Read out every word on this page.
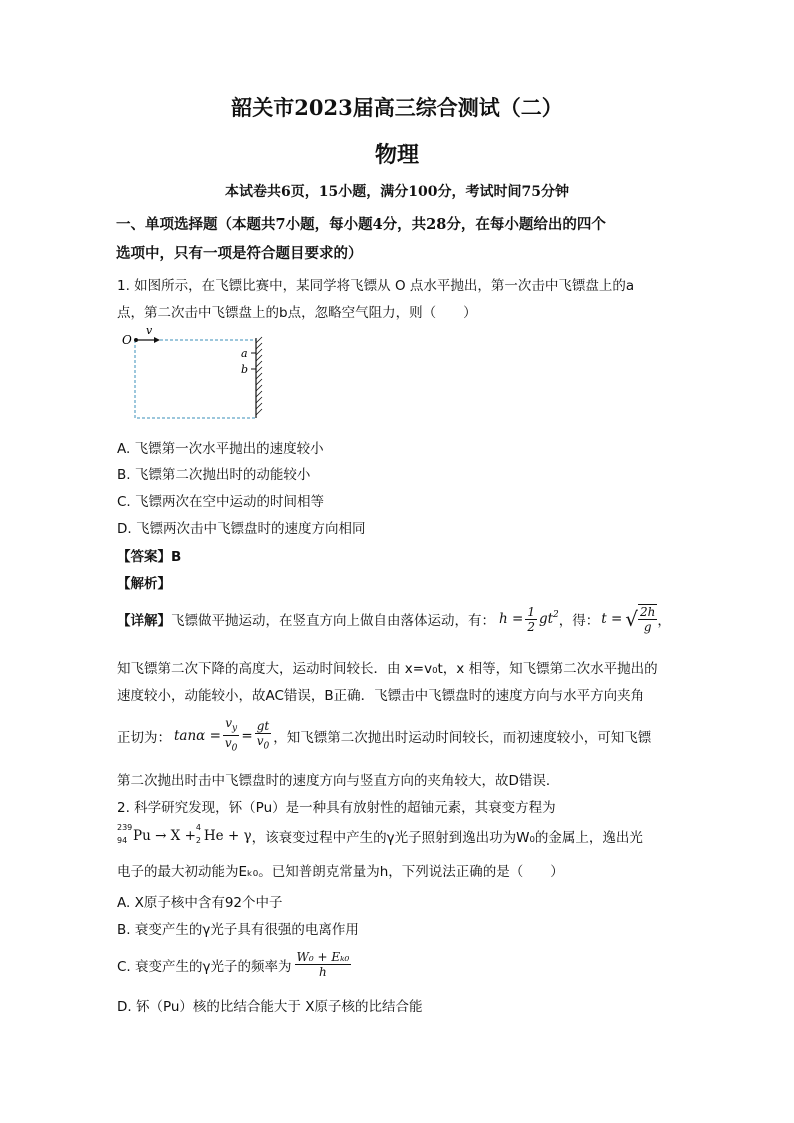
韶关市2023届高三综合测试（二）
物理
本试卷共6页，15小题，满分100分，考试时间75分钟
一、单项选择题（本题共7小题，每小题4分，共28分，在每小题给出的四个
选项中，只有一项是符合题目要求的）
1. 如图所示，在飞镖比赛中，某同学将飞镖从 O 点水平抛出，第一次击中飞镖盘上的a
点，第二次击中飞镖盘上的b点，忽略空气阻力，则（　　）
O
v
a
b
A. 飞镖第一次水平抛出的速度较小
B. 飞镖第二次抛出时的动能较小
C. 飞镖两次在空中运动的时间相等
D. 飞镖两次击中飞镖盘时的速度方向相同
【答案】B
【解析】
【详解】 飞镖做平抛运动，在竖直方向上做自由落体运动，有： $h = \frac{1}{2} gt^2$ ，得： t = √ $\frac{2h}{g}$ ，
知飞镖第二次下降的高度大，运动时间较长．由 x=v₀t，x 相等，知飞镖第二次水平抛出的
速度较小，动能较小，故AC错误，B正确．飞镖击中飞镖盘时的速度方向与水平方向夹角
正切为： $\tan\alpha = \frac{v_y}{v_0} = \frac{gt}{v_0}$ ，知飞镖第二次抛出时运动时间较长，而初速度较小，可知飞镖
第二次抛出时击中飞镖盘时的速度方向与竖直方向的夹角较大，故D错误．
2. 科学研究发现，钚（Pu）是一种具有放射性的超铀元素，其衰变方程为
239
94 Pu → X +
4
2 He + γ ，该衰变过程中产生的γ光子照射到逸出功为W₀的金属上，逸出光
电子的最大初动能为Eₖ₀。已知普朗克常量为h，下列说法正确的是（　　）
A. X原子核中含有92个中子
B. 衰变产生的γ光子具有很强的电离作用
C. 衰变产生的γ光子的频率为 $\frac{\text{W₀ + Eₖ₀}}{h}$
D. 钚（Pu）核的比结合能大于 X原子核的比结合能
